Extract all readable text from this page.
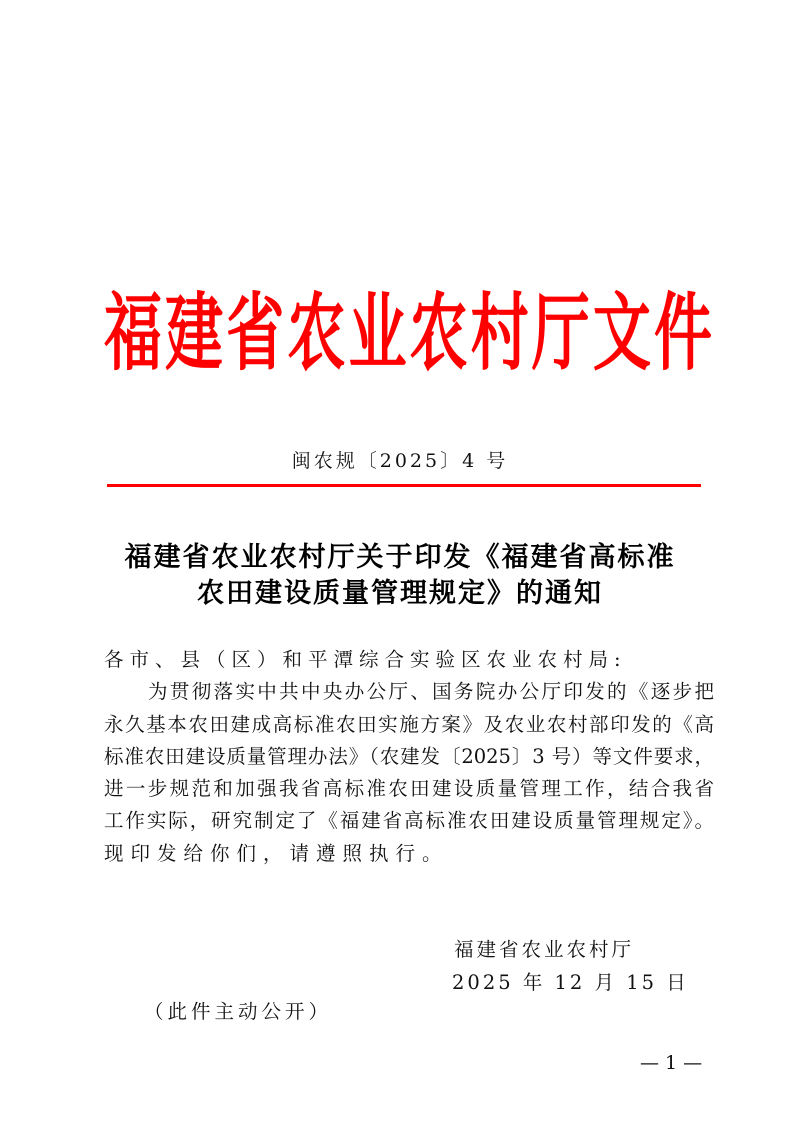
福 建 省 农 业 农 村 厅 文 件
闽农规〔2025〕4 号
福建省农业农村厅关于印发《福建省高标准
农田建设质量管理规定》的通知
各市、县（区）和平潭综合实验区农业农村局:
为贯彻落实中共中央办公厅、国务院办公厅印发的《逐步把
永久基本农田建成高标准农田实施方案》及农业农村部印发的《高
标准农田建设质量管理办法》（农建发〔2025〕3 号）等文件要求，
进一步规范和加强我省高标准农田建设质量管理工作，结合我省
工作实际，研究制定了《福建省高标准农田建设质量管理规定》。
现印发给你们，请遵照执行。
福建省农业农村厅
2025 年 12 月 15 日
（此件主动公开）
— 1 —
